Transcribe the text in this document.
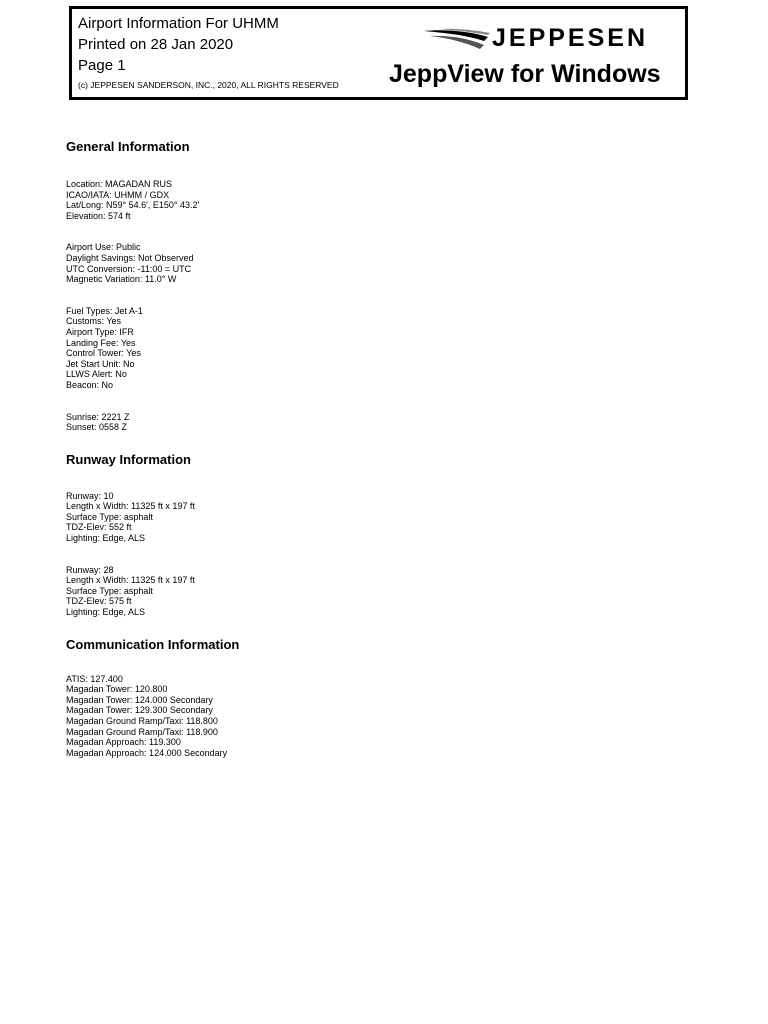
Airport Information For UHMM
Printed on 28 Jan 2020
Page 1
(c) JEPPESEN SANDERSON, INC., 2020, ALL RIGHTS RESERVED
JEPPESEN
JeppView for Windows
General Information
Location: MAGADAN RUS
ICAO/IATA: UHMM / GDX
Lat/Long: N59° 54.6', E150° 43.2'
Elevation: 574 ft
Airport Use: Public
Daylight Savings: Not Observed
UTC Conversion: -11:00 = UTC
Magnetic Variation: 11.0° W
Fuel Types: Jet A-1
Customs: Yes
Airport Type: IFR
Landing Fee: Yes
Control Tower: Yes
Jet Start Unit: No
LLWS Alert: No
Beacon: No
Sunrise: 2221 Z
Sunset: 0558 Z
Runway Information
Runway: 10
Length x Width: 11325 ft x 197 ft
Surface Type: asphalt
TDZ-Elev: 552 ft
Lighting: Edge, ALS
Runway: 28
Length x Width: 11325 ft x 197 ft
Surface Type: asphalt
TDZ-Elev: 575 ft
Lighting: Edge, ALS
Communication Information
ATIS: 127.400
Magadan Tower: 120.800
Magadan Tower: 124.000 Secondary
Magadan Tower: 129.300 Secondary
Magadan Ground Ramp/Taxi: 118.800
Magadan Ground Ramp/Taxi: 118.900
Magadan Approach: 119.300
Magadan Approach: 124.000 Secondary
